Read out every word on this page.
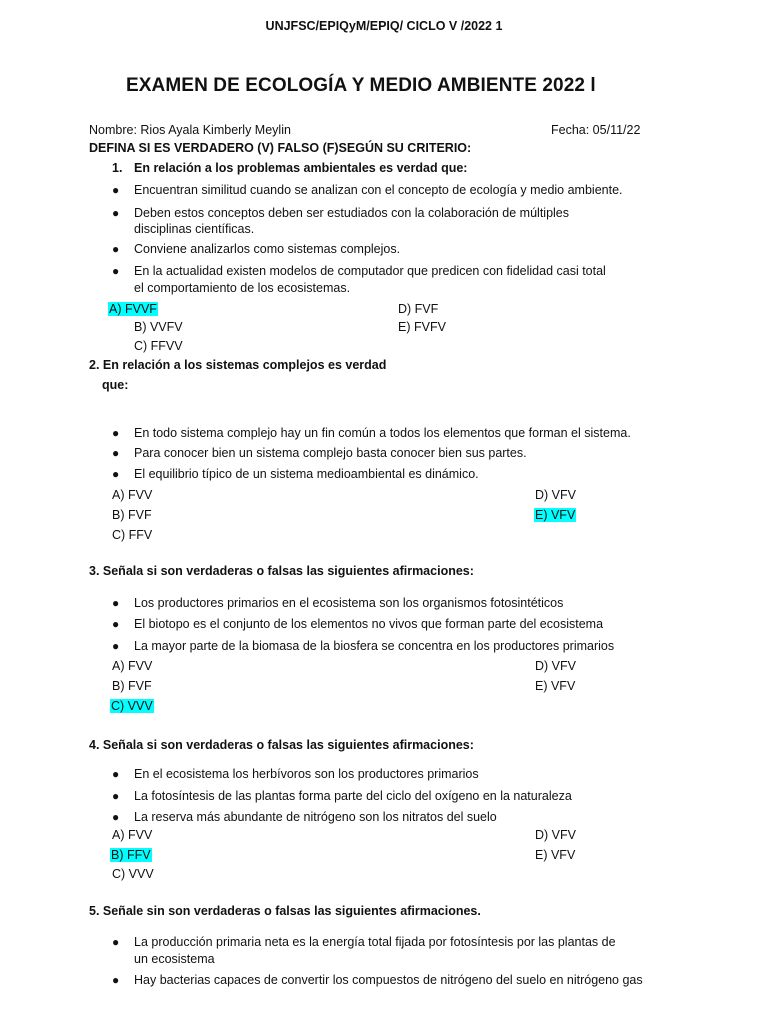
UNJFSC/EPIQyM/EPIQ/ CICLO V /2022 1
EXAMEN DE ECOLOGÍA Y MEDIO AMBIENTE 2022 l
Nombre: Rios Ayala Kimberly Meylin	Fecha: 05/11/22
DEFINA SI ES VERDADERO (V) FALSO (F)SEGÚN SU CRITERIO:
1. En relación a los problemas ambientales es verdad que:
● Encuentran similitud cuando se analizan con el concepto de ecología y medio ambiente.
● Deben estos conceptos deben ser estudiados con la colaboración de múltiples
disciplinas científicas.
● Conviene analizarlos como sistemas complejos.
● En la actualidad existen modelos de computador que predicen con fidelidad casi total
el comportamiento de los ecosistemas.
A) FVVF
B) VVFV
C) FFVV
D) FVF
E) FVFV
2. En relación a los sistemas complejos es verdad
que:
● En todo sistema complejo hay un fin común a todos los elementos que forman el sistema.
● Para conocer bien un sistema complejo basta conocer bien sus partes.
● El equilibrio típico de un sistema medioambiental es dinámico.
A) FVV
B) FVF
C) FFV
D) VFV
E) VFV
3. Señala si son verdaderas o falsas las siguientes afirmaciones:
● Los productores primarios en el ecosistema son los organismos fotosintéticos
● El biotopo es el conjunto de los elementos no vivos que forman parte del ecosistema
● La mayor parte de la biomasa de la biosfera se concentra en los productores primarios
A) FVV
B) FVF
C) VVV
D) VFV
E) VFV
4. Señala si son verdaderas o falsas las siguientes afirmaciones:
● En el ecosistema los herbívoros son los productores primarios
● La fotosíntesis de las plantas forma parte del ciclo del oxígeno en la naturaleza
● La reserva más abundante de nitrógeno son los nitratos del suelo
A) FVV
B) FFV
C) VVV
D) VFV
E) VFV
5. Señale sin son verdaderas o falsas las siguientes afirmaciones.
● La producción primaria neta es la energía total fijada por fotosíntesis por las plantas de
un ecosistema
● Hay bacterias capaces de convertir los compuestos de nitrógeno del suelo en nitrógeno gas
